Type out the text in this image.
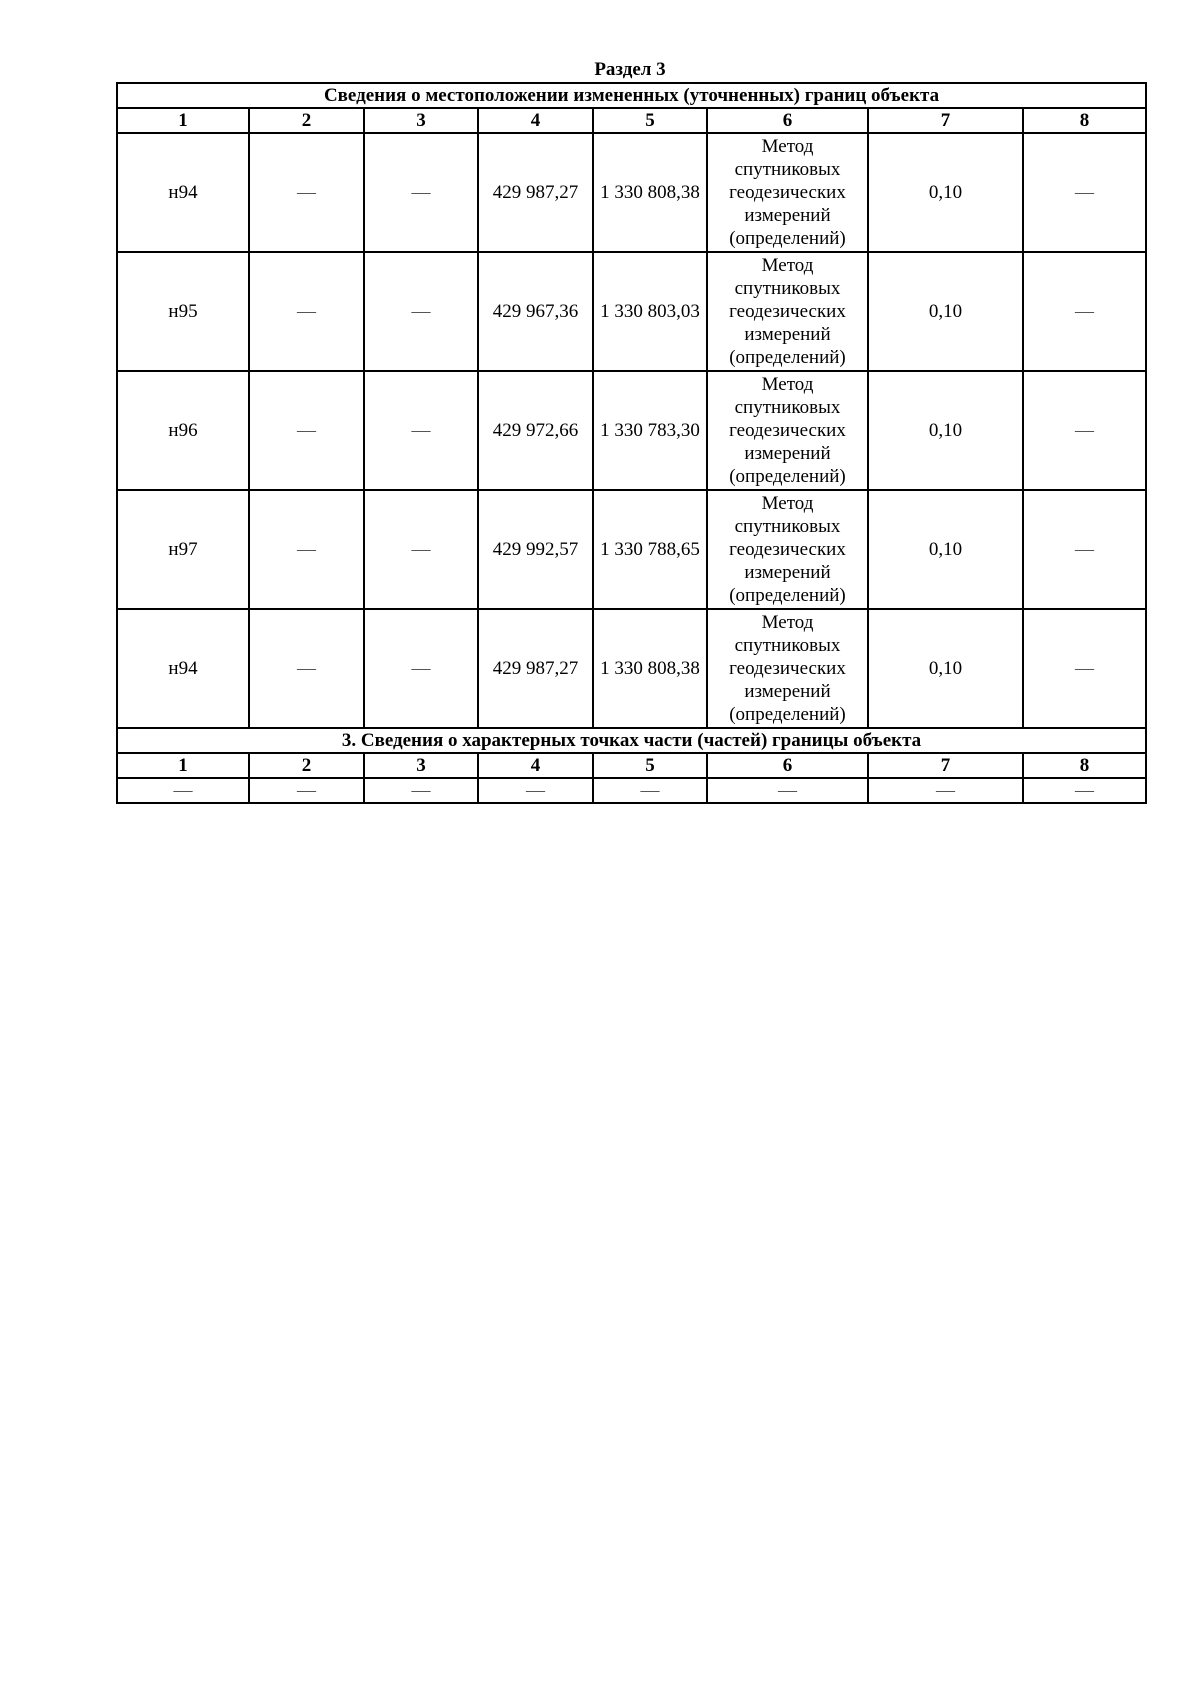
Раздел 3
Сведения о местоположении измененных (уточненных) границ объекта							
1	2	3	4	5	6	7	8
н94	—	—	429 987,27	1 330 808,38	Метод
спутниковых
геодезических
измерений
(определений)	0,10	—
н95	—	—	429 967,36	1 330 803,03	Метод
спутниковых
геодезических
измерений
(определений)	0,10	—
н96	—	—	429 972,66	1 330 783,30	Метод
спутниковых
геодезических
измерений
(определений)	0,10	—
н97	—	—	429 992,57	1 330 788,65	Метод
спутниковых
геодезических
измерений
(определений)	0,10	—
н94	—	—	429 987,27	1 330 808,38	Метод
спутниковых
геодезических
измерений
(определений)	0,10	—
3. Сведения о характерных точках части (частей) границы объекта							
1	2	3	4	5	6	7	8
—	—	—	—	—	—	—	—
